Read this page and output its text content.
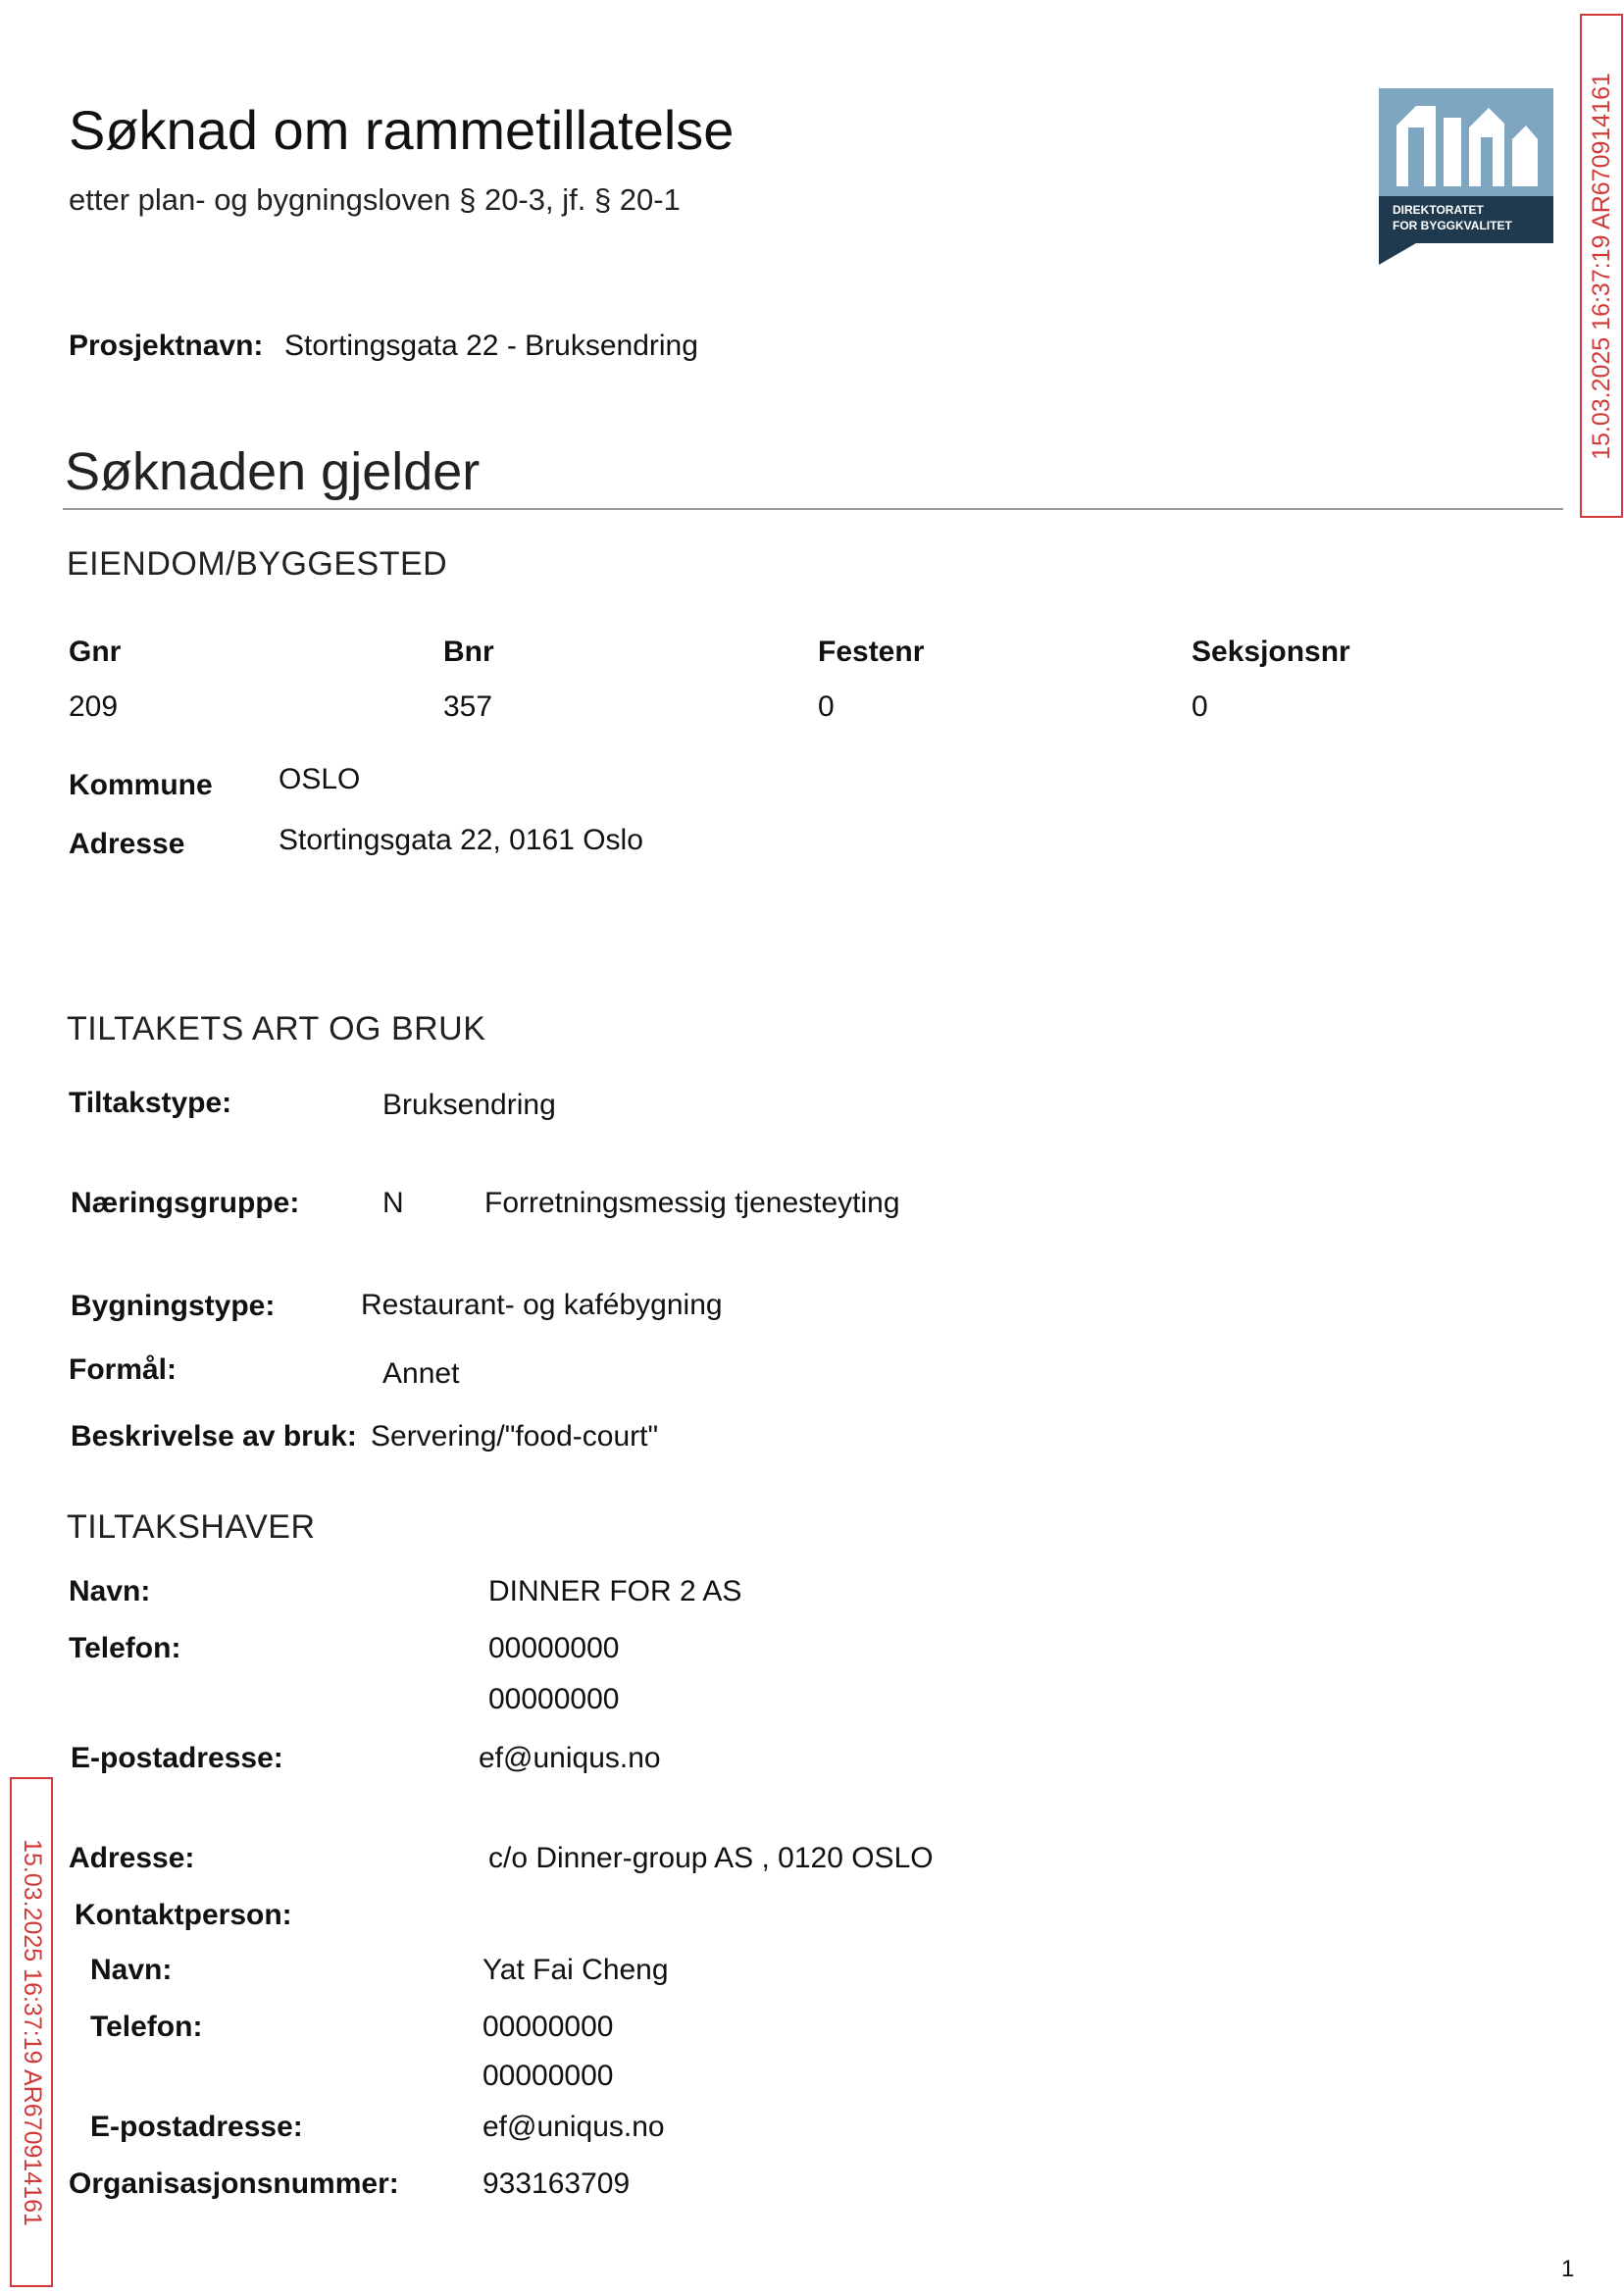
Søknad om rammetillatelse
etter plan- og bygningsloven § 20-3, jf. § 20-1	DIREKTORATET
FOR BYGGKVALITET	15.03.2025 16:37:19 AR670914161
15.03.2025 16:37:19 AR670914161
Prosjektnavn: Stortingsgata 22 - Bruksendring
Søknaden gjelder
EIENDOM/BYGGESTED
Gnr	Bnr	Festenr	Seksjonsnr
209	357	0	0
Kommune OSLO
Adresse	Stortingsgata 22, 0161 Oslo
TILTAKETS ART OG BRUK
Tiltakstype:	Bruksendring
Næringsgruppe:	N	Forretningsmessig tjenesteyting
Bygningstype:	Restaurant- og kafébygning
Formål:	Annet
Beskrivelse av bruk: Servering/"food-court"
TILTAKSHAVER
Navn:	DINNER FOR 2 AS
Telefon:	00000000
00000000
E-postadresse:	ef@uniqus.no
Adresse:	c/o Dinner-group AS , 0120 OSLO
Kontaktperson:
Navn:	Yat Fai Cheng
Telefon:	00000000
00000000
E-postadresse:	ef@uniqus.no
Organisasjonsnummer:	933163709
1
